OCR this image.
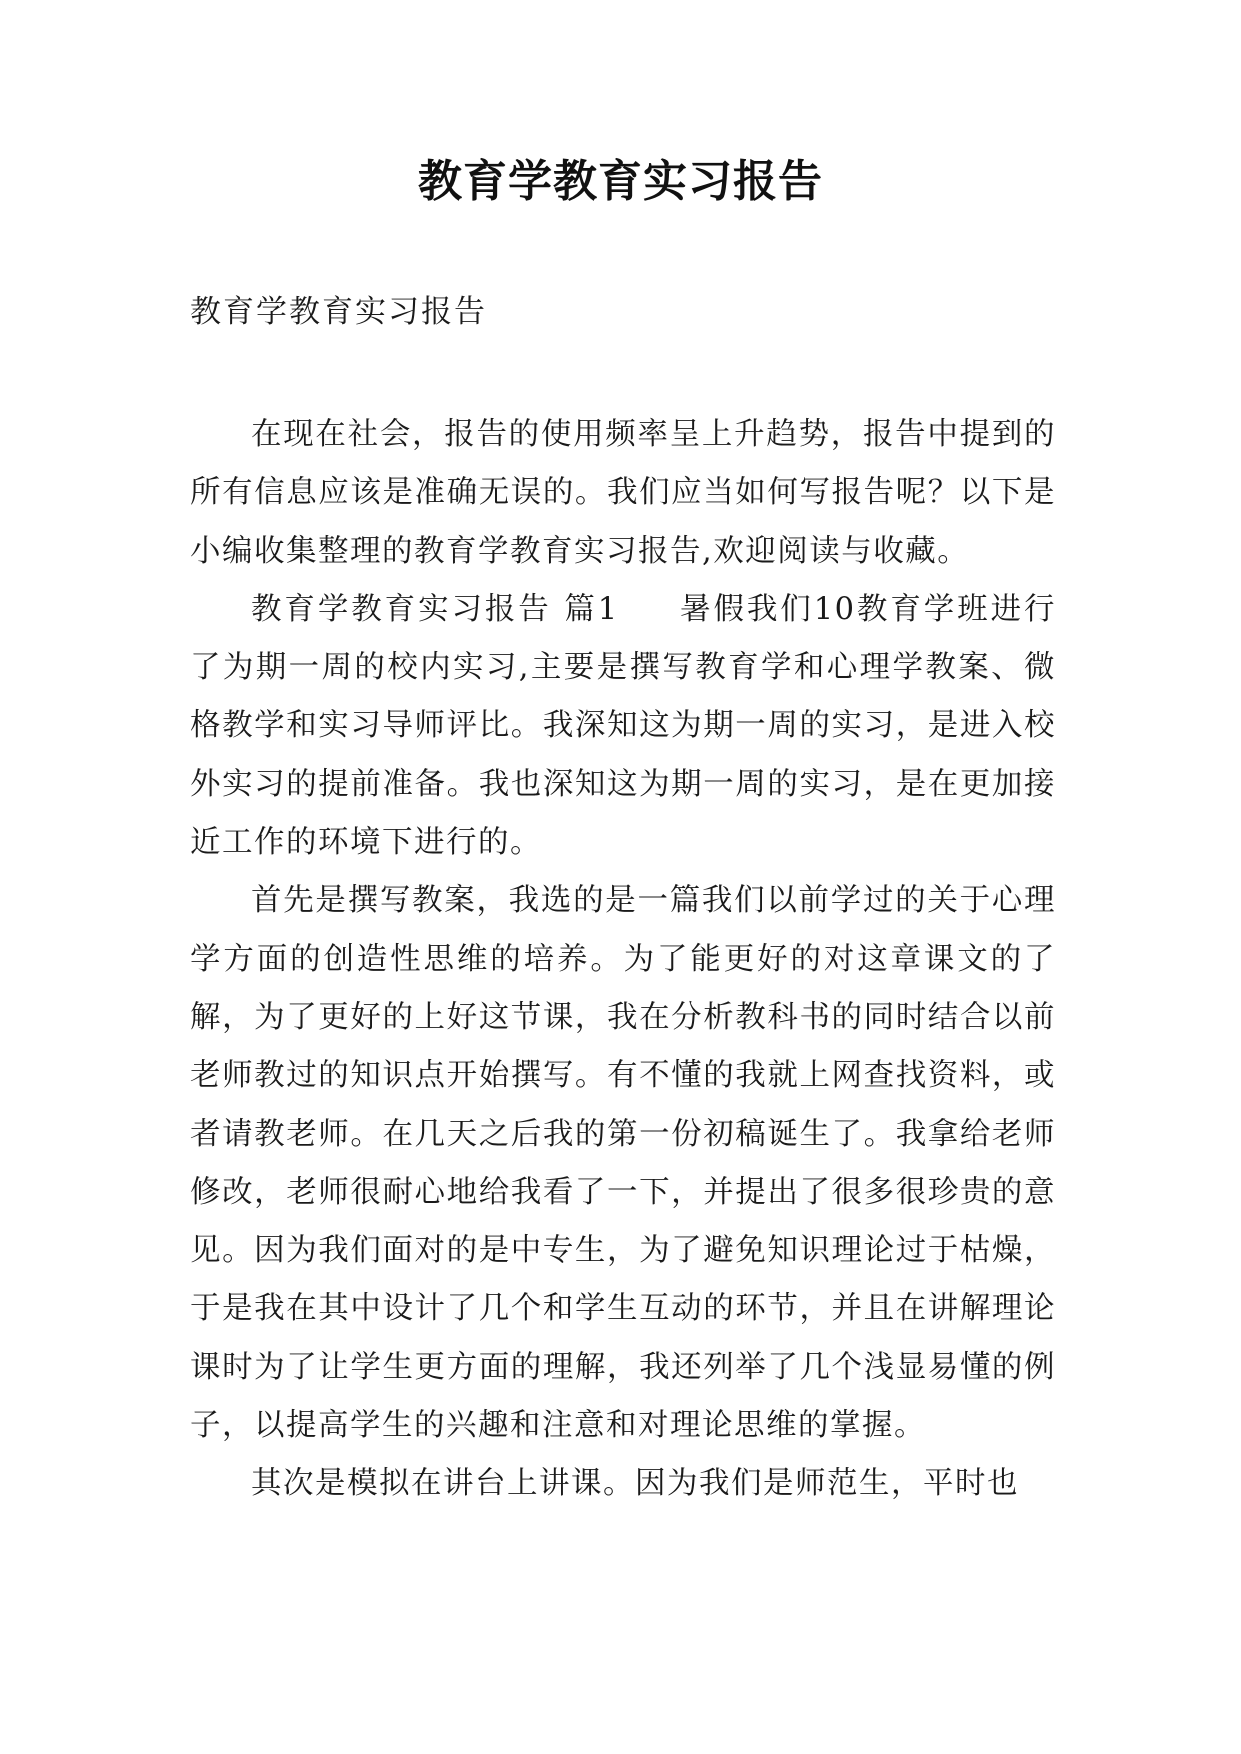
教育学教育实习报告

教育学教育实习报告

在现在社会，报告的使用频率呈上升趋势，报告中提到的所有信息应该是准确无误的。我们应当如何写报告呢？以下是小编收集整理的教育学教育实习报告,欢迎阅读与收藏。

教育学教育实习报告 篇1 暑假我们10教育学班进行了为期一周的校内实习,主要是撰写教育学和心理学教案、微格教学和实习导师评比。我深知这为期一周的实习，是进入校外实习的提前准备。我也深知这为期一周的实习，是在更加接近工作的环境下进行的。

首先是撰写教案，我选的是一篇我们以前学过的关于心理学方面的创造性思维的培养。为了能更好的对这章课文的了解，为了更好的上好这节课，我在分析教科书的同时结合以前老师教过的知识点开始撰写。有不懂的我就上网查找资料，或者请教老师。在几天之后我的第一份初稿诞生了。我拿给老师修改，老师很耐心地给我看了一下，并提出了很多很珍贵的意见。因为我们面对的是中专生，为了避免知识理论过于枯燥，于是我在其中设计了几个和学生互动的环节，并且在讲解理论课时为了让学生更方面的理解，我还列举了几个浅显易懂的例子，以提高学生的兴趣和注意和对理论思维的掌握。

其次是模拟在讲台上讲课。因为我们是师范生，平时也
